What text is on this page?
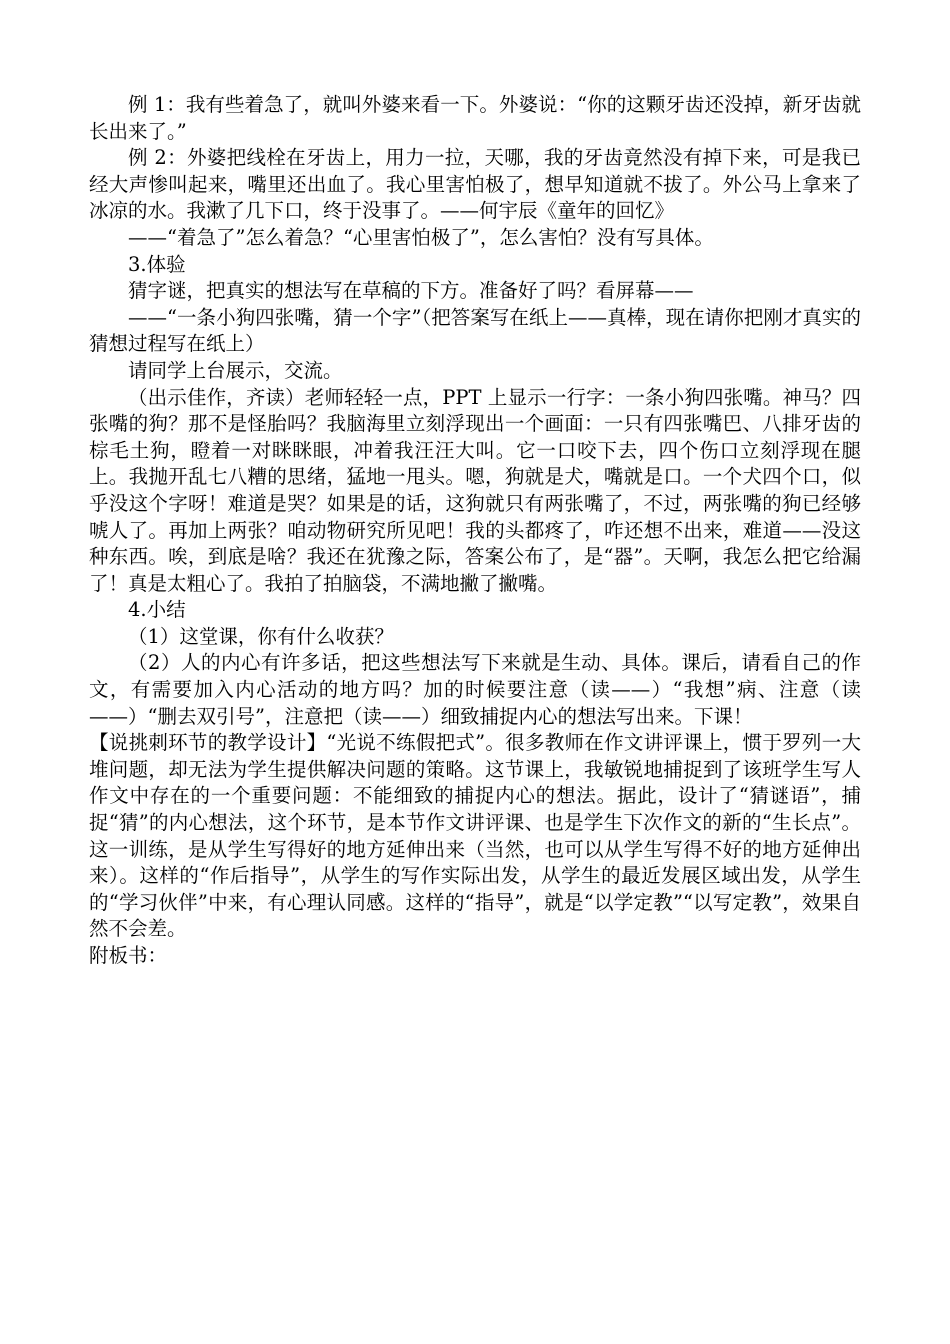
例 1：我有些着急了，就叫外婆来看一下。外婆说：“你的这颗牙齿还没掉，新牙齿就长出来了。”

例 2：外婆把线栓在牙齿上，用力一拉，天哪，我的牙齿竟然没有掉下来，可是我已经大声惨叫起来，嘴里还出血了。我心里害怕极了，想早知道就不拔了。外公马上拿来了冰凉的水。我漱了几下口，终于没事了。——何宇辰《童年的回忆》

——“着急了”怎么着急？“心里害怕极了”，怎么害怕？没有写具体。

3.体验

猜字谜，把真实的想法写在草稿的下方。准备好了吗？看屏幕——

——“一条小狗四张嘴，猜一个字”（把答案写在纸上——真棒，现在请你把刚才真实的猜想过程写在纸上）

请同学上台展示，交流。

（出示佳作，齐读）老师轻轻一点，PPT 上显示一行字：一条小狗四张嘴。神马？四张嘴的狗？那不是怪胎吗？我脑海里立刻浮现出一个画面：一只有四张嘴巴、八排牙齿的棕毛土狗，瞪着一对眯眯眼，冲着我汪汪大叫。它一口咬下去，四个伤口立刻浮现在腿上。我抛开乱七八糟的思绪，猛地一甩头。嗯，狗就是犬，嘴就是口。一个犬四个口，似乎没这个字呀！难道是哭？如果是的话，这狗就只有两张嘴了，不过，两张嘴的狗已经够唬人了。再加上两张？咱动物研究所见吧！我的头都疼了，咋还想不出来，难道——没这种东西。唉，到底是啥？我还在犹豫之际，答案公布了，是“器”。天啊，我怎么把它给漏了！真是太粗心了。我拍了拍脑袋，不满地撇了撇嘴。

4.小结

（1）这堂课，你有什么收获？

（2）人的内心有许多话，把这些想法写下来就是生动、具体。课后，请看自己的作文，有需要加入内心活动的地方吗？加的时候要注意（读——）“我想”病、注意（读——）“删去双引号”，注意把（读——）细致捕捉内心的想法写出来。下课！

【说挑刺环节的教学设计】“光说不练假把式”。很多教师在作文讲评课上，惯于罗列一大堆问题，却无法为学生提供解决问题的策略。这节课上，我敏锐地捕捉到了该班学生写人作文中存在的一个重要问题：不能细致的捕捉内心的想法。据此，设计了“猜谜语”，捕捉“猜”的内心想法，这个环节，是本节作文讲评课、也是学生下次作文的新的“生长点”。这一训练，是从学生写得好的地方延伸出来（当然，也可以从学生写得不好的地方延伸出来）。这样的“作后指导”，从学生的写作实际出发，从学生的最近发展区域出发，从学生的“学习伙伴”中来，有心理认同感。这样的“指导”，就是“以学定教”“以写定教”，效果自然不会差。

附板书：
